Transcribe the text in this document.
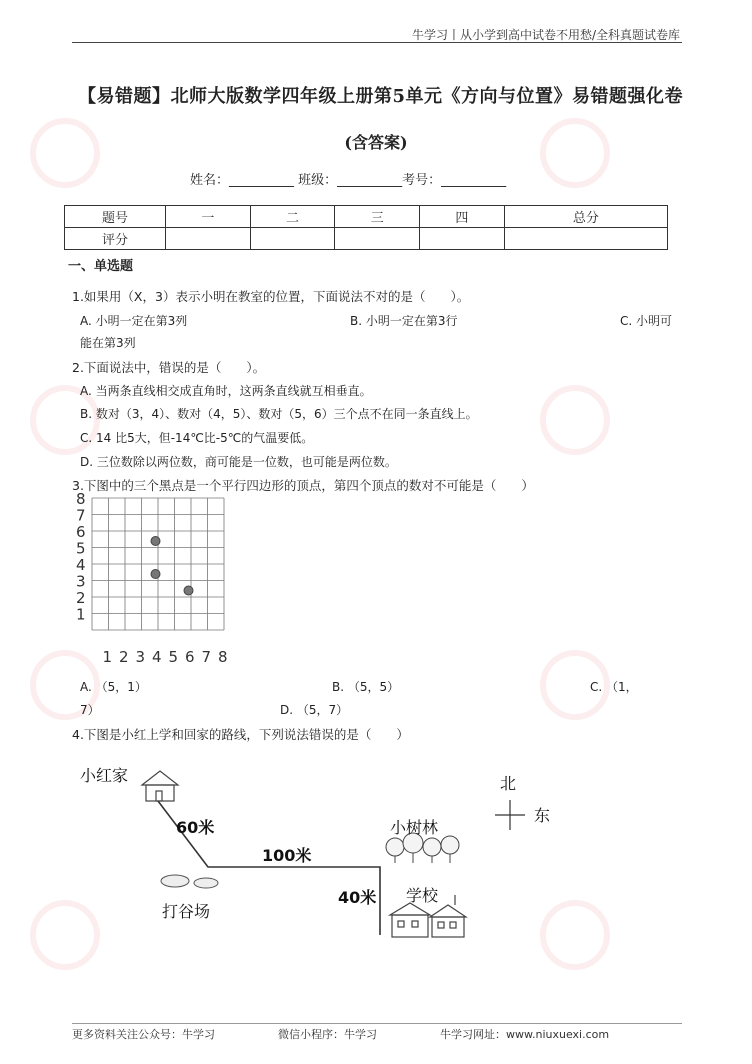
牛学习丨从小学到高中试卷不用愁/全科真题试卷库
【易错题】北师大版数学四年级上册第5单元《方向与位置》易错题强化卷
(含答案)
姓名：__________ 班级：__________考号：__________
题号	一	二	三	四	总分
评分					
一、单选题
1.如果用（X，3）表示小明在教室的位置，下面说法不对的是（　　）。
A. 小明一定在第3列	B. 小明一定在第3行	C. 小明可
能在第3列
2.下面说法中，错误的是（　　）。
A. 当两条直线相交成直角时，这两条直线就互相垂直。
B. 数对（3，4）、数对（4，5）、数对（5，6）三个点不在同一条直线上。
C. 14 比5大，但-14℃比-5℃的气温要低。
D. 三位数除以两位数，商可能是一位数，也可能是两位数。
3.下图中的三个黑点是一个平行四边形的顶点，第四个顶点的数对不可能是（　　）
1
2
3
4
5
6
7
8
1 2 3 4 5 6 7 8
A. （5，1）	B. （5，5）	C. （1，
7）	D. （5，7）
4.下图是小红上学和回家的路线，下列说法错误的是（　　）
小红家
60米
100米
40米
打谷场
小树林
学校
北
东
更多资料关注公众号：牛学习	微信小程序：牛学习	牛学习网址：www.niuxuexi.com
